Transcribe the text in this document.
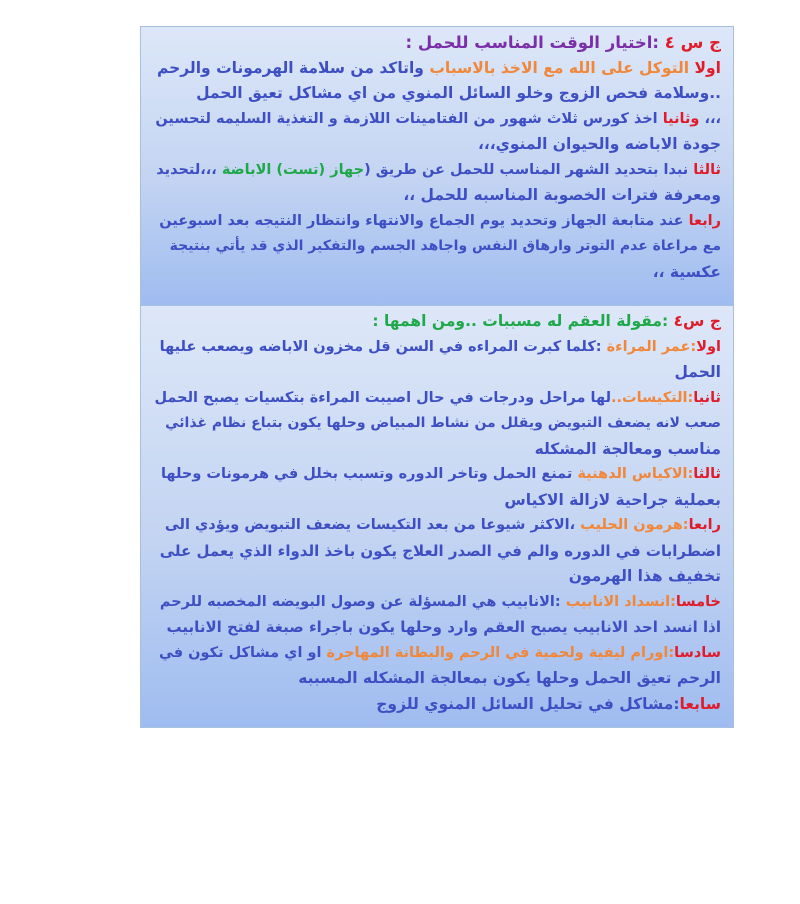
ج س ٤ :اختيار الوقت المناسب للحمل :
اولا التوكل على الله مع الاخذ بالاسباب واتاكد من سلامة الهرمونات والرحم
..وسلامة فحص الزوج وخلو السائل المنوي من اي مشاكل تعيق الحمل
،،، وثانيا اخذ كورس ثلاث شهور من الفتامينات اللازمة و التغذية السليمه لتحسين
جودة الاباضه والحيوان المنوي،،،
ثالثا نبدا بتحديد الشهر المناسب للحمل عن طريق (جهاز (تست) الاباضة ،،،لتحديد
ومعرفة فترات الخصوبة المناسبه للحمل ،،
رابعا عند متابعة الجهاز وتحديد يوم الجماع والانتهاء وانتظار النتيجه بعد اسبوعين
مع مراعاة عدم التوتر وارهاق النفس واجاهد الجسم والتفكير الذي قد يأتي بنتيجة
عكسية ،،
ج س٤ :مقولة العقم له مسببات ..ومن اهمها :
اولا:عمر المراءة :كلما كبرت المراءه في السن قل مخزون الاباضه ويصعب عليها
الحمل
ثانيا:التكيسات..لها مراحل ودرجات في حال اصيبت المراءة بتكسيات يصبح الحمل
صعب لانه يضعف التبويض ويقلل من نشاط المبياض وحلها يكون بتباع نظام غذائي
مناسب ومعالجة المشكله
ثالثا:الاكياس الدهنية تمنع الحمل وتاخر الدوره وتسبب بخلل في هرمونات وحلها
بعملية جراحية لازالة الاكياس
رابعا:هرمون الحليب ،الاكثر شيوعا من بعد التكيسات يضعف التبويض ويؤدي الى
اضطرابات في الدوره والم في الصدر العلاج يكون باخذ الدواء الذي يعمل على
تخفيف هذا الهرمون
خامسا:انسداد الانابيب :الانابيب هي المسؤلة عن وصول البويضه المخصبه للرحم
اذا انسد احد الانابيب يصبح العقم وارد وحلها يكون باجراء صبغة لفتح الانابيب
سادسا:اورام ليفية ولحمية في الرحم والبطانة المهاجرة او اي مشاكل تكون في
الرحم تعيق الحمل وحلها يكون بمعالجة المشكله المسببه
سابعا:مشاكل في تحليل السائل المنوي للزوج
